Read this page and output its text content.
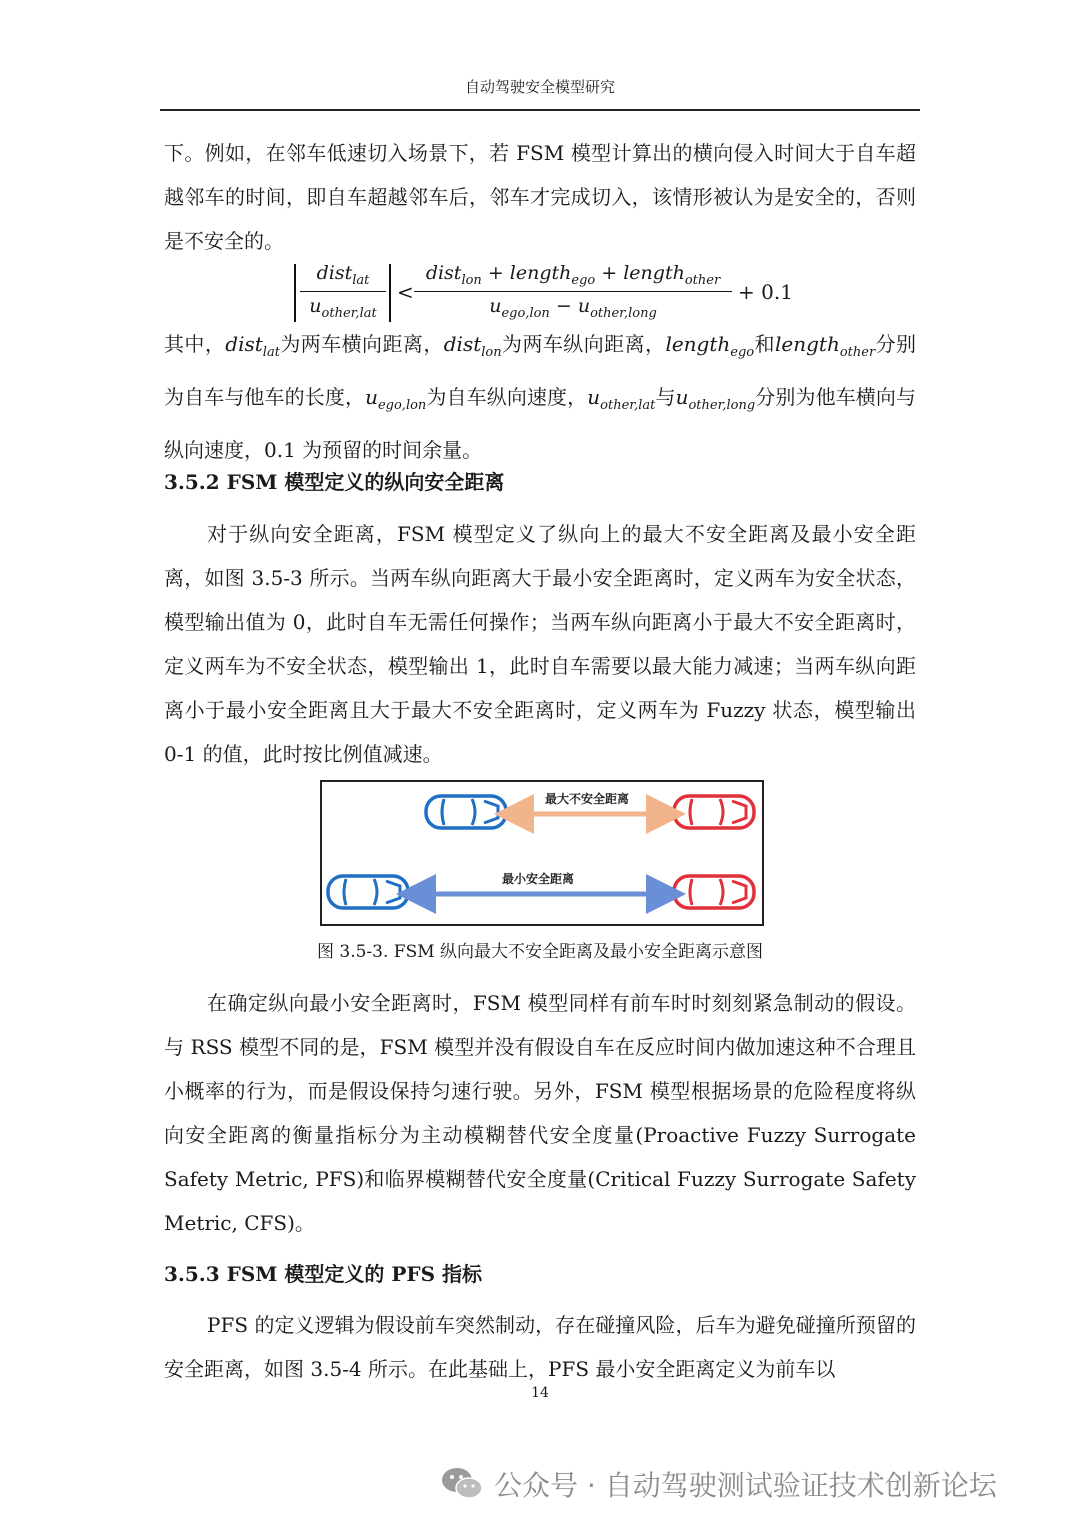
自动驾驶安全模型研究

下。例如，在邻车低速切入场景下，若 FSM 模型计算出的横向侵入时间大于自车超越邻车的时间，即自车超越邻车后，邻车才完成切入，该情形被认为是安全的，否则是不安全的。

dist$_{lat}$
$u_{other,lat}$
<
dist$_{lon}$ + length$_{ego}$ + length$_{other}$
$u_{ego,lon} - u_{other,long}$
+ 0.1

其中，dist$_{lat}$为两车横向距离，dist$_{lon}$为两车纵向距离，length$_{ego}$和length$_{other}$分别为自车与他车的长度，$u_{ego,lon}$为自车纵向速度，$u_{other,lat}$与$u_{other,long}$分别为他车横向与纵向速度，0.1 为预留的时间余量。

3.5.2 FSM 模型定义的纵向安全距离

对于纵向安全距离，FSM 模型定义了纵向上的最大不安全距离及最小安全距离，如图 3.5-3 所示。当两车纵向距离大于最小安全距离时，定义两车为安全状态，模型输出值为 0，此时自车无需任何操作；当两车纵向距离小于最大不安全距离时，定义两车为不安全状态，模型输出 1，此时自车需要以最大能力减速；当两车纵向距离小于最小安全距离且大于最大不安全距离时，定义两车为 Fuzzy 状态，模型输出 0-1 的值，此时按比例值减速。

最大不安全距离
最小安全距离
图 3.5-3. FSM 纵向最大不安全距离及最小安全距离示意图

在确定纵向最小安全距离时，FSM 模型同样有前车时时刻刻紧急制动的假设。与 RSS 模型不同的是，FSM 模型并没有假设自车在反应时间内做加速这种不合理且小概率的行为，而是假设保持匀速行驶。另外，FSM 模型根据场景的危险程度将纵向安全距离的衡量指标分为主动模糊替代安全度量(Proactive Fuzzy Surrogate Safety Metric, PFS)和临界模糊替代安全度量(Critical Fuzzy Surrogate Safety Metric, CFS)。

3.5.3 FSM 模型定义的 PFS 指标

PFS 的定义逻辑为假设前车突然制动，存在碰撞风险，后车为避免碰撞所预留的安全距离，如图 3.5-4 所示。在此基础上，PFS 最小安全距离定义为前车以

14
公众号 · 自动驾驶测试验证技术创新论坛
